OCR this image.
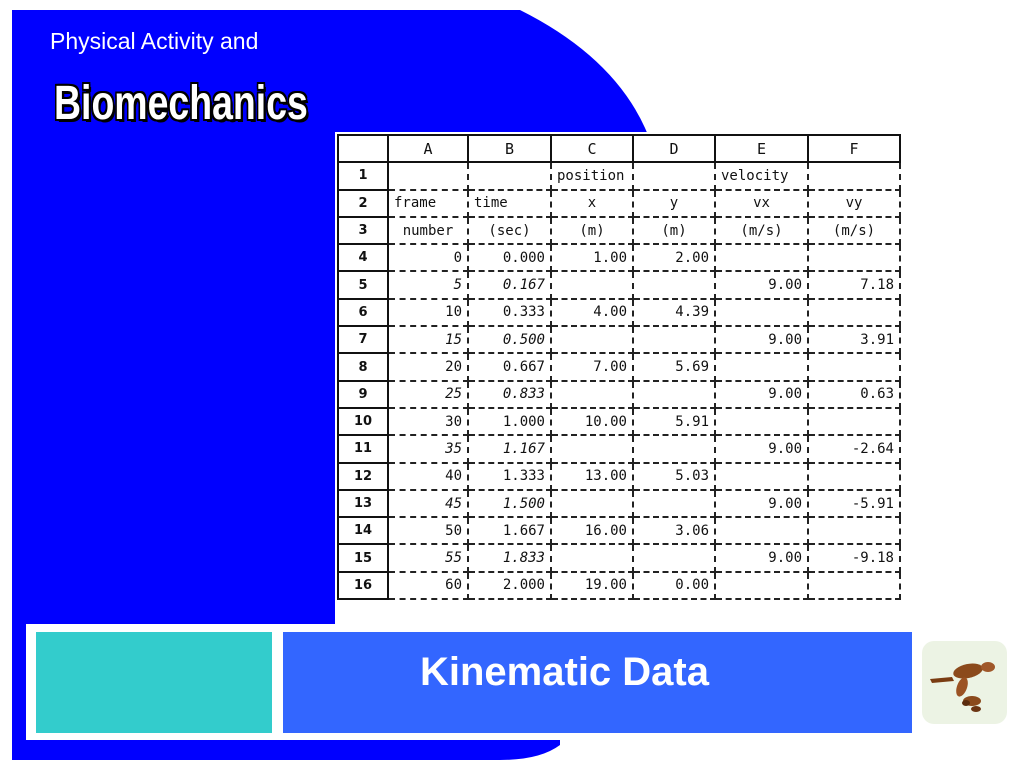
Physical Activity and
Biomechanics
	A	B	C	D	E	F
1			position		velocity	
2	frame	time	x	y	vx	vy
3	number	(sec)	(m)	(m)	(m/s)	(m/s)
4	0	0.000	1.00	2.00		
5	5	0.167			9.00	7.18
6	10	0.333	4.00	4.39		
7	15	0.500			9.00	3.91
8	20	0.667	7.00	5.69		
9	25	0.833			9.00	0.63
10	30	1.000	10.00	5.91		
11	35	1.167			9.00	-2.64
12	40	1.333	13.00	5.03		
13	45	1.500			9.00	-5.91
14	50	1.667	16.00	3.06		
15	55	1.833			9.00	-9.18
16	60	2.000	19.00	0.00		
Kinematic Data
